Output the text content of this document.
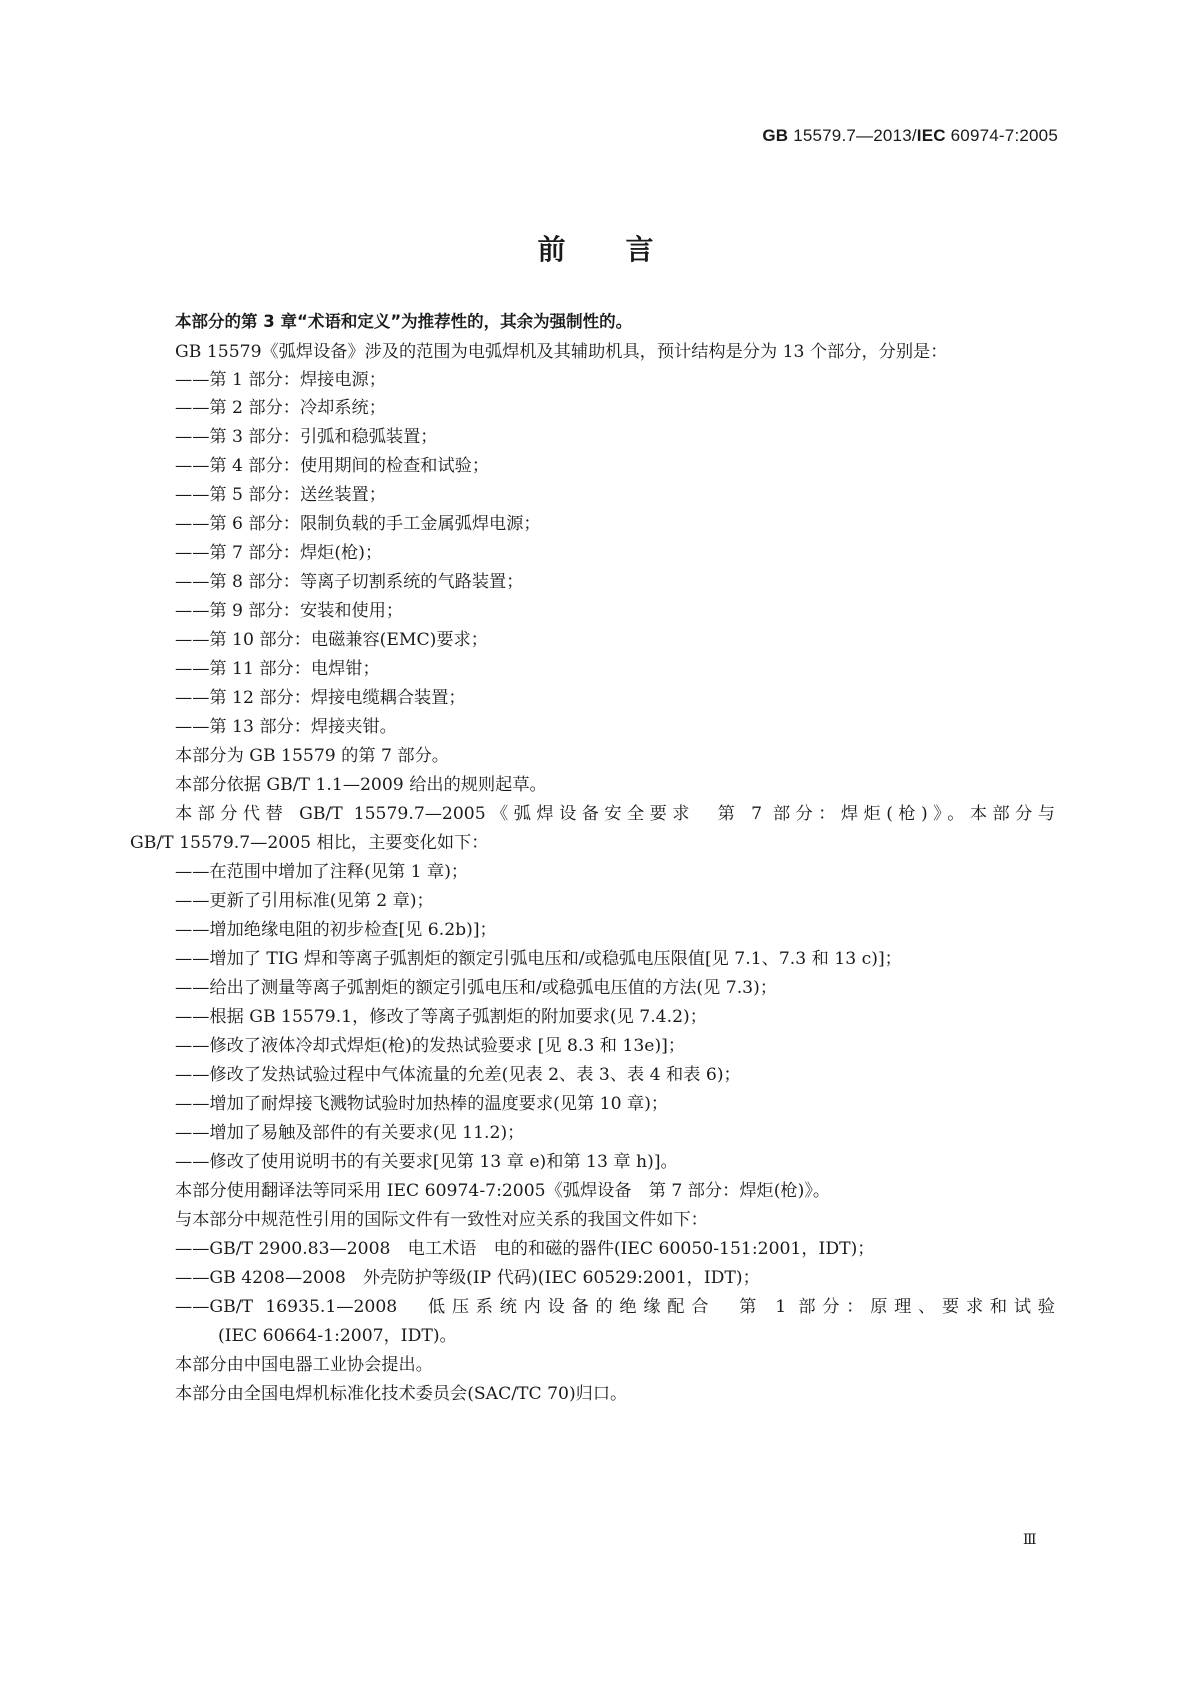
GB 15579.7—2013/IEC 60974-7:2005
前言
本部分的第 3 章“术语和定义”为推荐性的，其余为强制性的。
GB 15579《弧焊设备》涉及的范围为电弧焊机及其辅助机具，预计结构是分为 13 个部分，分别是：
——第 1 部分：焊接电源；
——第 2 部分：冷却系统；
——第 3 部分：引弧和稳弧装置；
——第 4 部分：使用期间的检查和试验；
——第 5 部分：送丝装置；
——第 6 部分：限制负载的手工金属弧焊电源；
——第 7 部分：焊炬(枪)；
——第 8 部分：等离子切割系统的气路装置；
——第 9 部分：安装和使用；
——第 10 部分：电磁兼容(EMC)要求；
——第 11 部分：电焊钳；
——第 12 部分：焊接电缆耦合装置；
——第 13 部分：焊接夹钳。
本部分为 GB 15579 的第 7 部分。
本部分依据 GB/T 1.1—2009 给出的规则起草。
本部分代替 GB/T 15579.7—2005《弧焊设备安全要求　第 7 部分：焊炬(枪)》。本部分与
GB/T 15579.7—2005 相比，主要变化如下：
——在范围中增加了注释(见第 1 章)；
——更新了引用标准(见第 2 章)；
——增加绝缘电阻的初步检查[见 6.2b)]；
——增加了 TIG 焊和等离子弧割炬的额定引弧电压和/或稳弧电压限值[见 7.1、7.3 和 13 c)]；
——给出了测量等离子弧割炬的额定引弧电压和/或稳弧电压值的方法(见 7.3)；
——根据 GB 15579.1，修改了等离子弧割炬的附加要求(见 7.4.2)；
——修改了液体冷却式焊炬(枪)的发热试验要求 [见 8.3 和 13e)]；
——修改了发热试验过程中气体流量的允差(见表 2、表 3、表 4 和表 6)；
——增加了耐焊接飞溅物试验时加热棒的温度要求(见第 10 章)；
——增加了易触及部件的有关要求(见 11.2)；
——修改了使用说明书的有关要求[见第 13 章 e)和第 13 章 h)]。
本部分使用翻译法等同采用 IEC 60974-7:2005《弧焊设备　第 7 部分：焊炬(枪)》。
与本部分中规范性引用的国际文件有一致性对应关系的我国文件如下：
——GB/T 2900.83—2008　电工术语　电的和磁的器件(IEC 60050-151:2001，IDT)；
——GB 4208—2008　外壳防护等级(IP 代码)(IEC 60529:2001，IDT)；
——GB/T 16935.1—2008　低压系统内设备的绝缘配合　第 1 部分：原理、要求和试验
(IEC 60664-1:2007，IDT)。
本部分由中国电器工业协会提出。
本部分由全国电焊机标准化技术委员会(SAC/TC 70)归口。
Ⅲ
